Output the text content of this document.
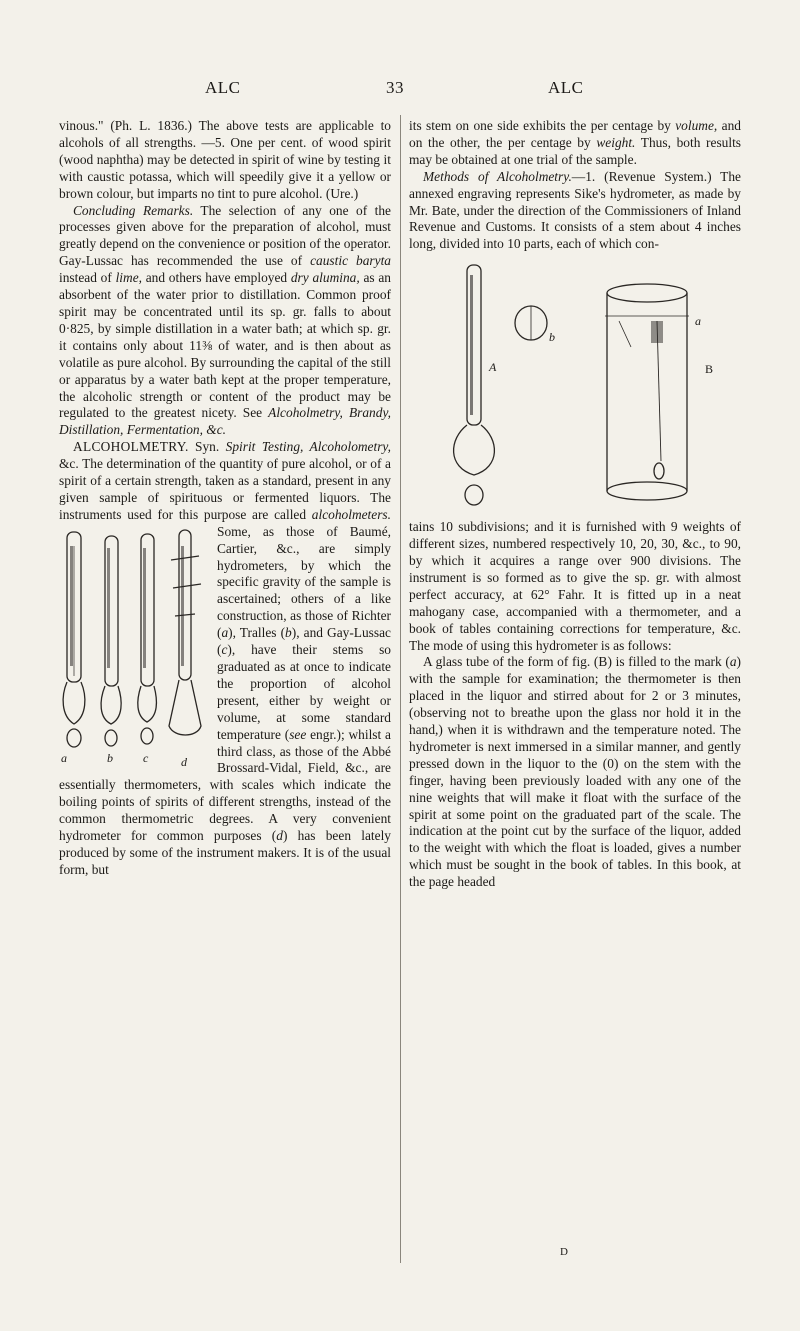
ALC	33	ALC

vinous." (Ph. L. 1836.) The above tests are applicable to alcohols of all strengths. —5. One per cent. of wood spirit (wood naphtha) may be detected in spirit of wine by testing it with caustic potassa, which will speedily give it a yellow or brown colour, but imparts no tint to pure alcohol. (Ure.)

Concluding Remarks. The selection of any one of the processes given above for the preparation of alcohol, must greatly depend on the convenience or position of the operator. Gay-Lussac has recommended the use of caustic baryta instead of lime, and others have employed dry alumina, as an absorbent of the water prior to distillation. Common proof spirit may be concentrated until its sp. gr. falls to about 0·825, by simple distillation in a water bath; at which sp. gr. it contains only about 11⅜ of water, and is then about as volatile as pure alcohol. By surrounding the capital of the still or apparatus by a water bath kept at the proper temperature, the alcoholic strength or content of the product may be regulated to the greatest nicety. See Alcoholmetry, Brandy, Distillation, Fermentation, &c.

ALCOHOLMETRY. Syn. Spirit Testing, Alcoholometry, &c. The determination of the quantity of pure alcohol, or of a spirit of a certain strength, taken as a standard, present in any given sample of spirituous or fermented liquors. The instruments used for this purpose are called
a	b	c	d
alcoholmeters. Some, as those of Baumé, Cartier, &c., are simply hydrometers, by which the specific gravity of the sample is ascertained; others of a like construction, as those of Richter (a), Tralles (b), and Gay-Lussac (c), have their stems so graduated as at once to indicate the proportion of alcohol present, either by weight or volume, at some standard temperature (see engr.); whilst a third class, as those of the Abbé Brossard-Vidal, Field, &c., are essentially thermometers, with scales which indicate the boiling points of spirits of different strengths, instead of the common thermometric degrees. A very convenient hydrometer for common purposes (d) has been lately produced by some of the instrument makers. It is of the usual form, but

its stem on one side exhibits the per centage by volume, and on the other, the per centage by weight. Thus, both results may be obtained at one trial of the sample.

Methods of Alcoholmetry.—1. (Revenue System.) The annexed engraving represents Sike's hydrometer, as made by Mr. Bate, under the direction of the Commissioners of Inland Revenue and Customs. It consists of a stem about 4 inches long, divided into 10 parts, each of which con-

A
b
a
B

tains 10 subdivisions; and it is furnished with 9 weights of different sizes, numbered respectively 10, 20, 30, &c., to 90, by which it acquires a range over 900 divisions. The instrument is so formed as to give the sp. gr. with almost perfect accuracy, at 62° Fahr. It is fitted up in a neat mahogany case, accompanied with a thermometer, and a book of tables containing corrections for temperature, &c. The mode of using this hydrometer is as follows:

A glass tube of the form of fig. (B) is filled to the mark (a) with the sample for examination; the thermometer is then placed in the liquor and stirred about for 2 or 3 minutes, (observing not to breathe upon the glass nor hold it in the hand,) when it is withdrawn and the temperature noted. The hydrometer is next immersed in a similar manner, and gently pressed down in the liquor to the (0) on the stem with the finger, having been previously loaded with any one of the nine weights that will make it float with the surface of the spirit at some point on the graduated part of the scale. The indication at the point cut by the surface of the liquor, added to the weight with which the float is loaded, gives a number which must be sought in the book of tables. In this book, at the page headed

D
